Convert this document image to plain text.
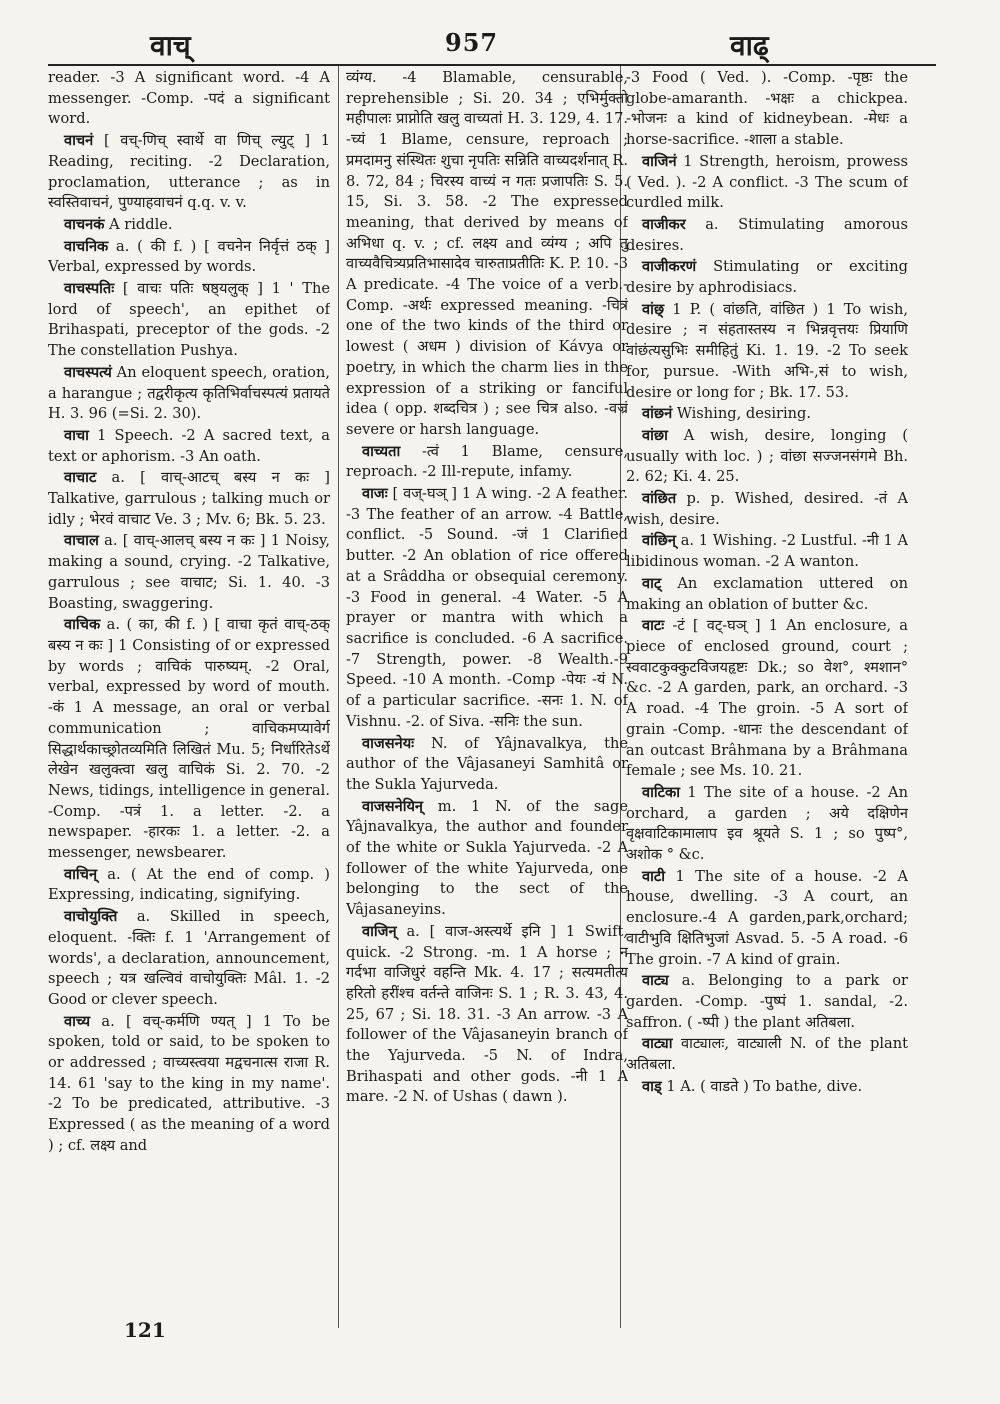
वाच्	957	वाढ्

reader. -3 A significant word. -4 A messenger. -Comp. -पदं a significant word.

वाचनं [ वच्-णिच् स्वार्थे वा णिच् ल्युट् ] 1 Reading, reciting. -2 Declaration, proclamation, utterance ; as in स्वस्तिवाचनं, पुण्याहवाचनं q.q. v. v.

वाचनकं A riddle.

वाचनिक a. ( की f. ) [ वचनेन निर्वृत्तं ठक् ] Verbal, expressed by words.

वाचस्पतिः [ वाचः पतिः षष्ठ्यलुक् ] 1 ' The lord of speech', an epithet of Brihaspati, preceptor of the gods. -2 The constellation Pushya.

वाचस्पत्यं An eloquent speech, oration, a harangue ; तद्वरीकृत्य कृतिभिर्वाचस्पत्यं प्रतायते H. 3. 96 (=Si. 2. 30).

वाचा 1 Speech. -2 A sacred text, a text or aphorism. -3 An oath.

वाचाट a. [ वाच्-आटच् बस्य न कः ] Talkative, garrulous ; talking much or idly ; भेरवं वाचाट Ve. 3 ; Mv. 6; Bk. 5. 23.

वाचाल a. [ वाच्-आलच् बस्य न कः ] 1 Noisy, making a sound, crying. -2 Talkative, garrulous ; see वाचाट; Si. 1. 40. -3 Boasting, swaggering.

वाचिक a. ( का, की f. ) [ वाचा कृतं वाच्-ठक् बस्य न कः ] 1 Consisting of or expressed by words ; वाचिकं पारुष्यम्. -2 Oral, verbal, expressed by word of mouth. -कं 1 A message, an oral or verbal communication ; वाचिकमप्यावेर्ग सिद्धार्थकाच्छ्रोतव्यमिति लिखितं Mu. 5; निर्धारितेऽर्थे लेखेन खलुक्त्वा खलु वाचिकं Si. 2. 70. -2 News, tidings, intelligence in general. -Comp. -पत्रं 1. a letter. -2. a newspaper. -हारकः 1. a letter. -2. a messenger, newsbearer.

वाचिन् a. ( At the end of comp. ) Expressing, indicating, signifying.

वाचोयुक्ति a. Skilled in speech, eloquent. -क्तिः f. 1 'Arrangement of words', a declaration, announcement, speech ; यत्र खल्विवं वाचोयुक्तिः Mâl. 1. -2 Good or clever speech.

वाच्य a. [ वच्-कर्मणि ण्यत् ] 1 To be spoken, told or said, to be spoken to or addressed ; वाच्यस्त्वया मद्वचनात्स राजा R. 14. 61 'say to the king in my name'. -2 To be predicated, attributive. -3 Expressed ( as the meaning of a word ) ; cf. लक्ष्य and

व्यंग्य. -4 Blamable, censurable, reprehensible ; Si. 20. 34 ; एभिर्मुक्तो महीपालः प्राप्नोति खलु वाच्यतां H. 3. 129, 4. 17. -च्यं 1 Blame, censure, reproach ; प्रमदामनु संस्थितः शुचा नृपतिः सन्निति वाच्यदर्शनात् R. 8. 72, 84 ; चिरस्य वाच्यं न गतः प्रजापतिः S. 5. 15, Si. 3. 58. -2 The expressed meaning, that derived by means of अभिधा q. v. ; cf. लक्ष्य and व्यंग्य ; अपि तु वाच्यवैचित्र्यप्रतिभासादेव चारुताप्रतीतिः K. P. 10. -3 A predicate. -4 The voice of a verb.-Comp. -अर्थः expressed meaning. -चित्रं one of the two kinds of the third or lowest ( अधम ) division of Kávya or poetry, in which the charm lies in the expression of a striking or fanciful idea ( opp. शब्दचित्र ) ; see चित्र also. -वज्रं severe or harsh language.

वाच्यता -त्वं 1 Blame, censure, reproach. -2 Ill-repute, infamy.

वाजः [ वज्-घञ् ] 1 A wing. -2 A feather. -3 The feather of an arrow. -4 Battle, conflict. -5 Sound. -जं 1 Clarified butter. -2 An oblation of rice offered at a Srâddha or obsequial ceremony. -3 Food in general. -4 Water. -5 A prayer or mantra with which a sacrifice is concluded. -6 A sacrifice. -7 Strength, power. -8 Wealth.-9 Speed. -10 A month. -Comp -पेयः -यं N. of a particular sacrifice. -सनः 1. N. of Vishnu. -2. of Siva. -सनिः the sun.

वाजसनेयः N. of Yâjnavalkya, the author of the Vâjasaneyi Samhitâ or the Sukla Yajurveda.

वाजसनेयिन् m. 1 N. of the sage Yâjnavalkya, the author and founder of the white or Sukla Yajurveda. -2 A follower of the white Yajurveda, one belonging to the sect of the Vâjasaneyins.

वाजिन् a. [ वाज-अस्त्यर्थे इनि ] 1 Swift, quick. -2 Strong. -m. 1 A horse ; न गर्दभा वाजिधुरं वहन्ति Mk. 4. 17 ; सत्यमतीत्य हरितो हरींश्च वर्तन्ते वाजिनः S. 1 ; R. 3. 43, 4. 25, 67 ; Si. 18. 31. -3 An arrow. -3 A follower of the Vâjasaneyin branch of the Yajurveda. -5 N. of Indra, Brihaspati and other gods. -नी 1 A mare. -2 N. of Ushas ( dawn ).

-3 Food ( Ved. ). -Comp. -पृष्ठः the globe-amaranth. -भक्षः a chickpea. -भोजनः a kind of kidneybean. -मेधः a horse-sacrifice. -शाला a stable.

वाजिनं 1 Strength, heroism, prowess ( Ved. ). -2 A conflict. -3 The scum of curdled milk.

वाजीकर a. Stimulating amorous desires.

वाजीकरणं Stimulating or exciting desire by aphrodisiacs.

वांछ् 1 P. ( वांछति, वांछित ) 1 To wish, desire ; न संहतास्तस्य न भिन्नवृत्तयः प्रियाणि वांछंत्यसुभिः समीहितुं Ki. 1. 19. -2 To seek for, pursue. -With अभि-,सं to wish, desire or long for ; Bk. 17. 53.

वांछनं Wishing, desiring.

वांछा A wish, desire, longing ( usually with loc. ) ; वांछा सज्जनसंगमे Bh. 2. 62; Ki. 4. 25.

वांछित p. p. Wished, desired. -तं A wish, desire.

वांछिन् a. 1 Wishing. -2 Lustful. -नी 1 A libidinous woman. -2 A wanton.

वाट् An exclamation uttered on making an oblation of butter &c.

वाटः -टं [ वट्-घञ् ] 1 An enclosure, a piece of enclosed ground, court ; स्ववाटकुक्कुटविजयहृष्टः Dk.; so वेश°, श्मशान° &c. -2 A garden, park, an orchard. -3 A road. -4 The groin. -5 A sort of grain -Comp. -धानः the descendant of an outcast Brâhmana by a Brâhmana female ; see Ms. 10. 21.

वाटिका 1 The site of a house. -2 An orchard, a garden ; अये दक्षिणेन वृक्षवाटिकामालाप इव श्रूयते S. 1 ; so पुष्प°, अशोक ° &c.

वाटी 1 The site of a house. -2 A house, dwelling. -3 A court, an enclosure.-4 A garden,park,orchard; वाटीभुवि क्षितिभुजां Asvad. 5. -5 A road. -6 The groin. -7 A kind of grain.

वाट्य a. Belonging to a park or garden. -Comp. -पुष्पं 1. sandal, -2. saffron. ( -ष्पी ) the plant अतिबला.

वाट्या वाट्यालः, वाट्याली N. of the plant अतिबला.

वाड् 1 A. ( वाडते ) To bathe, dive.

121
